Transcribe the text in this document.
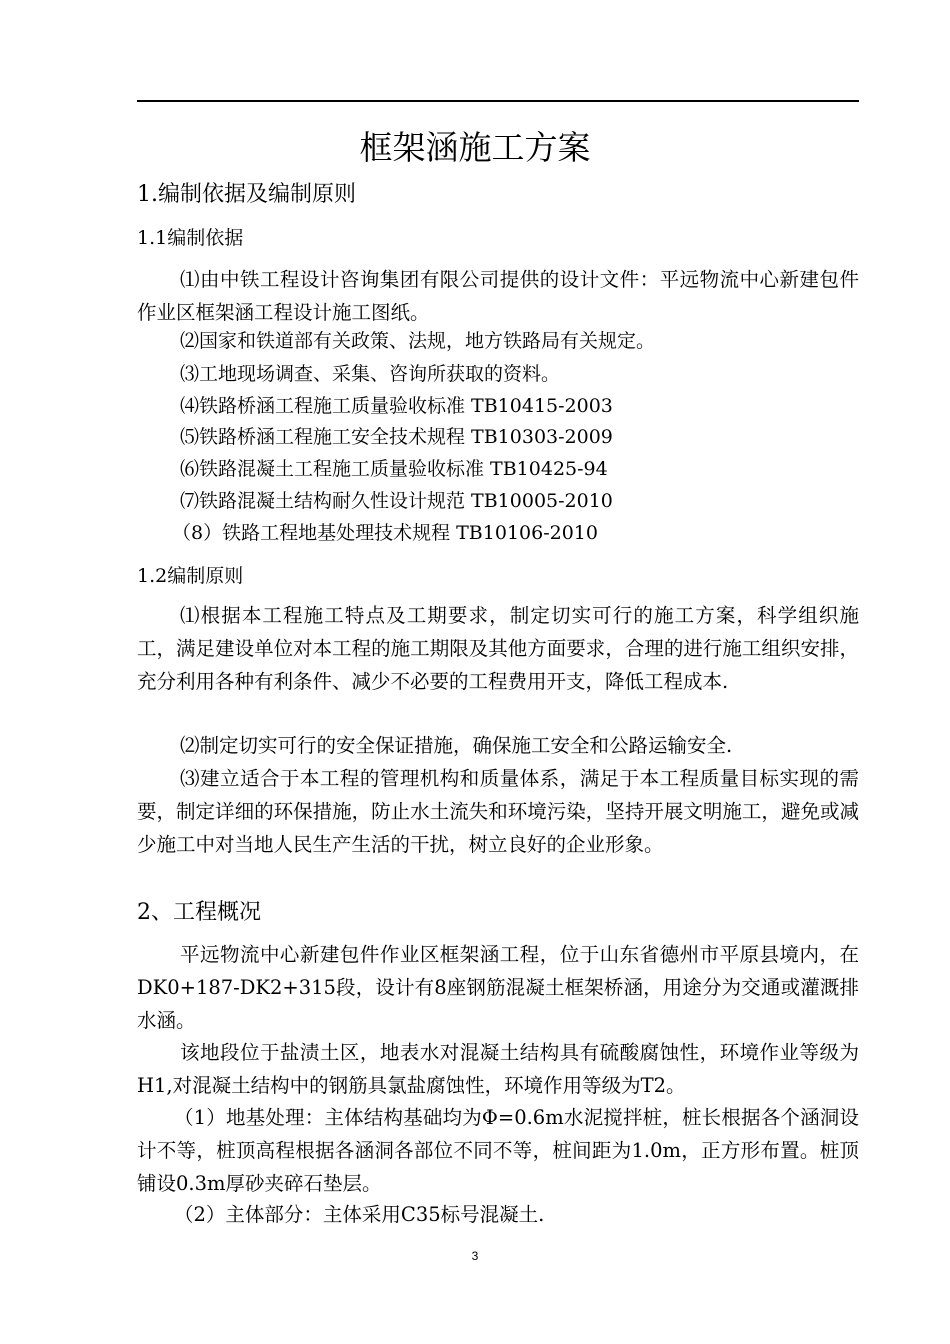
框架涵施工方案
1.编制依据及编制原则
1.1编制依据
⑴由中铁工程设计咨询集团有限公司提供的设计文件：平远物流中心新建包件作业区框架涵工程设计施工图纸。
⑵国家和铁道部有关政策、法规，地方铁路局有关规定。
⑶工地现场调查、采集、咨询所获取的资料。
⑷铁路桥涵工程施工质量验收标准 TB10415-2003
⑸铁路桥涵工程施工安全技术规程 TB10303-2009
⑹铁路混凝土工程施工质量验收标准 TB10425-94
⑺铁路混凝土结构耐久性设计规范 TB10005-2010
（8）铁路工程地基处理技术规程 TB10106-2010
1.2编制原则
⑴根据本工程施工特点及工期要求，制定切实可行的施工方案，科学组织施工，满足建设单位对本工程的施工期限及其他方面要求，合理的进行施工组织安排，充分利用各种有利条件、减少不必要的工程费用开支，降低工程成本.
⑵制定切实可行的安全保证措施，确保施工安全和公路运输安全.
⑶建立适合于本工程的管理机构和质量体系，满足于本工程质量目标实现的需要，制定详细的环保措施，防止水土流失和环境污染，坚持开展文明施工，避免或减少施工中对当地人民生产生活的干扰，树立良好的企业形象。
2、工程概况
平远物流中心新建包件作业区框架涵工程，位于山东省德州市平原县境内，在DK0+187-DK2+315段，设计有8座钢筋混凝土框架桥涵，用途分为交通或灌溉排水涵。
该地段位于盐渍土区，地表水对混凝土结构具有硫酸腐蚀性，环境作业等级为H1,对混凝土结构中的钢筋具氯盐腐蚀性，环境作用等级为T2。
（1）地基处理：主体结构基础均为Φ=0.6m水泥搅拌桩，桩长根据各个涵洞设计不等，桩顶高程根据各涵洞各部位不同不等，桩间距为1.0m，正方形布置。桩顶铺设0.3m厚砂夹碎石垫层。
（2）主体部分：主体采用C35标号混凝土.
3
